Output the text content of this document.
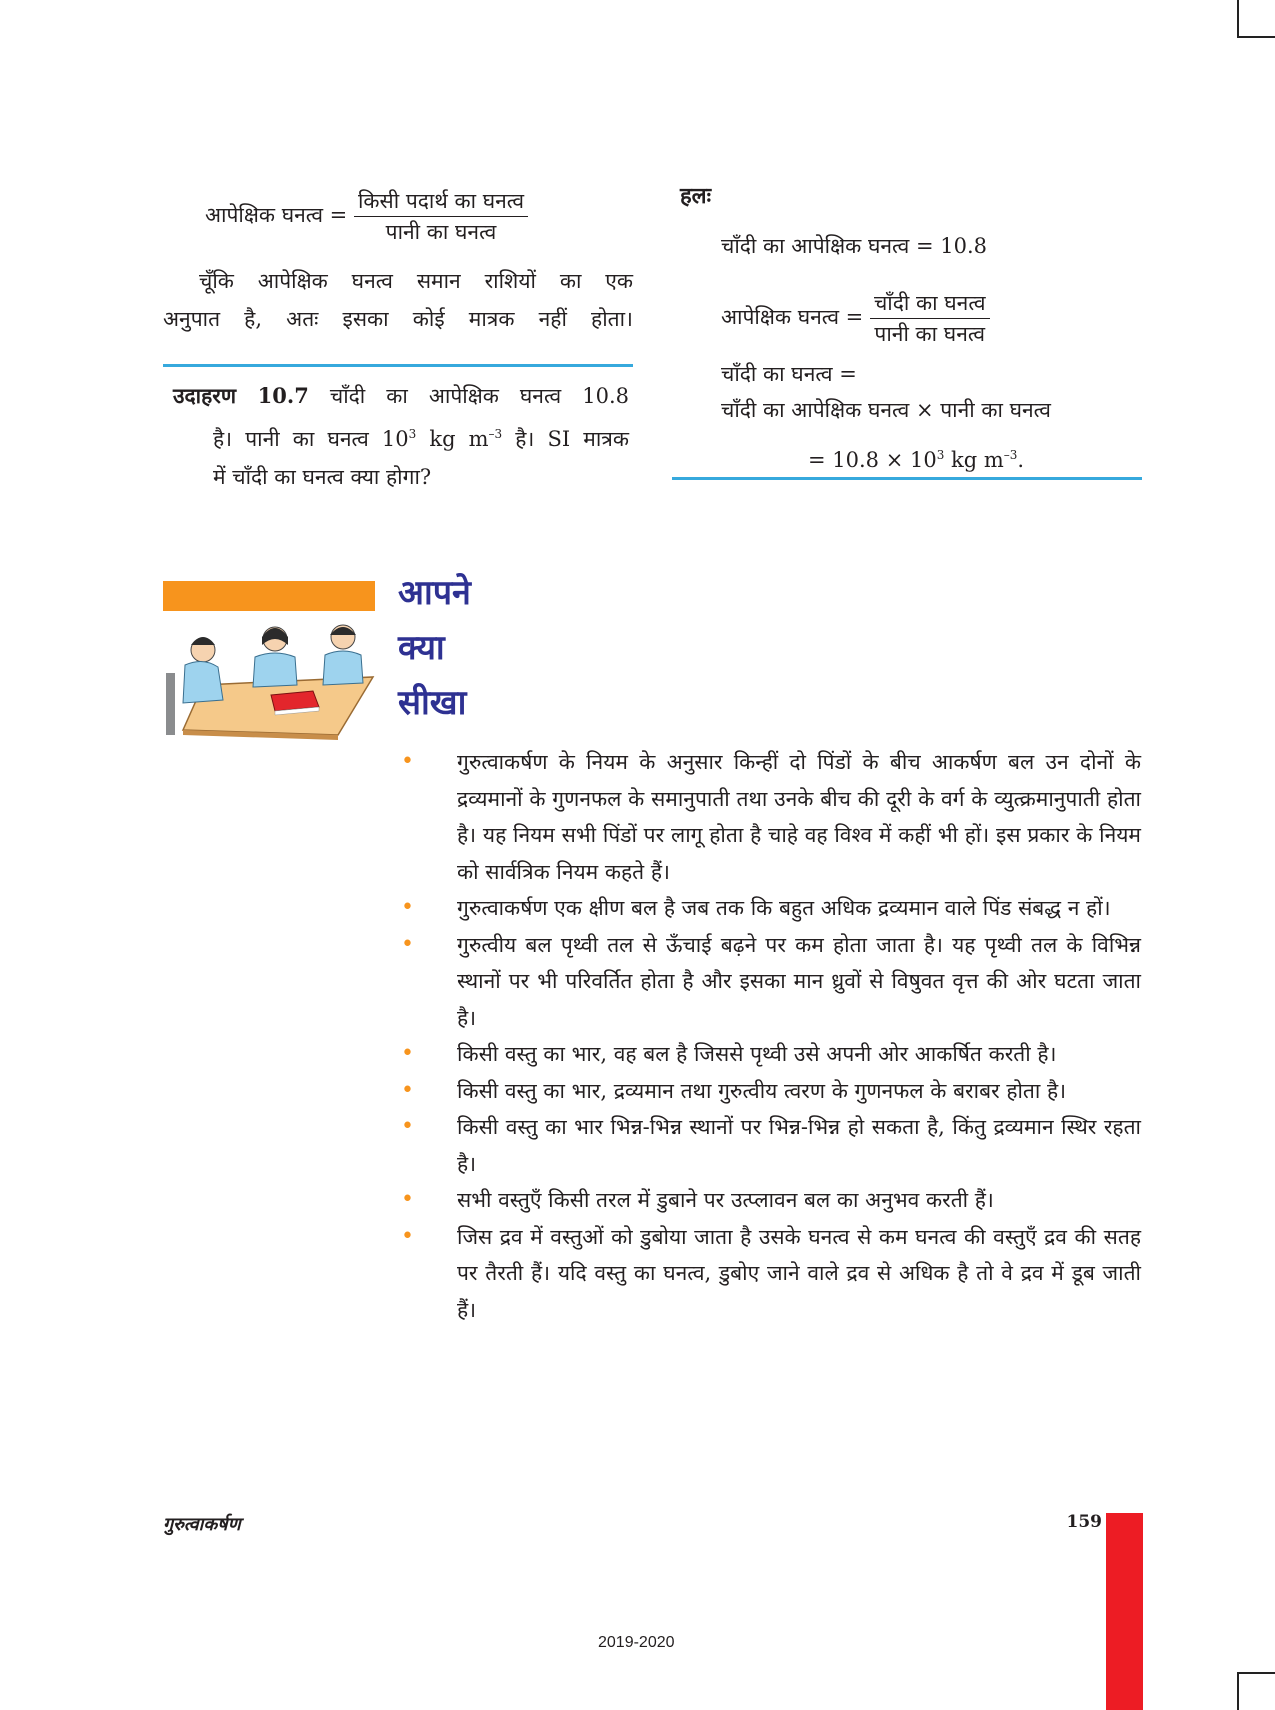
आपेक्षिक घनत्व = $\frac{\text{किसी पदार्थ का घनत्व}}{\text{पानी का घनत्व}}$
चूँकि आपेक्षिक घनत्व समान राशियों का एक
अनुपात है, अतः इसका कोई मात्रक नहीं होता।
उदाहरण 10.7 चाँदी का आपेक्षिक घनत्व 10.8
है। पानी का घनत्व $10^3$ kg $m^{-3}$ है। SI मात्रक
में चाँदी का घनत्व क्या होगा?
हलः
चाँदी का आपेक्षिक घनत्व = 10.8
आपेक्षिक घनत्व = $\frac{\text{चाँदी का घनत्व}}{\text{पानी का घनत्व}}$
चाँदी का घनत्व =
चाँदी का आपेक्षिक घनत्व × पानी का घनत्व
= $10.8 \times 10^3$ kg $m^{-3}$.
आपने
क्या
सीखा
• गुरुत्वाकर्षण के नियम के अनुसार किन्हीं दो पिंडों के बीच आकर्षण बल उन दोनों के द्रव्यमानों के गुणनफल के समानुपाती तथा उनके बीच की दूरी के वर्ग के व्युत्क्रमानुपाती होता है। यह नियम सभी पिंडों पर लागू होता है चाहे वह विश्व में कहीं भी हों। इस प्रकार के नियम को सार्वत्रिक नियम कहते हैं।
• गुरुत्वाकर्षण एक क्षीण बल है जब तक कि बहुत अधिक द्रव्यमान वाले पिंड संबद्ध न हों।
• गुरुत्वीय बल पृथ्वी तल से ऊँचाई बढ़ने पर कम होता जाता है। यह पृथ्वी तल के विभिन्न स्थानों पर भी परिवर्तित होता है और इसका मान ध्रुवों से विषुवत वृत्त की ओर घटता जाता है।
• किसी वस्तु का भार, वह बल है जिससे पृथ्वी उसे अपनी ओर आकर्षित करती है।
• किसी वस्तु का भार, द्रव्यमान तथा गुरुत्वीय त्वरण के गुणनफल के बराबर होता है।
• किसी वस्तु का भार भिन्न-भिन्न स्थानों पर भिन्न-भिन्न हो सकता है, किंतु द्रव्यमान स्थिर रहता है।
• सभी वस्तुएँ किसी तरल में डुबाने पर उत्प्लावन बल का अनुभव करती हैं।
• जिस द्रव में वस्तुओं को डुबोया जाता है उसके घनत्व से कम घनत्व की वस्तुएँ द्रव की सतह पर तैरती हैं। यदि वस्तु का घनत्व, डुबोए जाने वाले द्रव से अधिक है तो वे द्रव में डूब जाती हैं।
गुरुत्वाकर्षण	159
2019-2020
